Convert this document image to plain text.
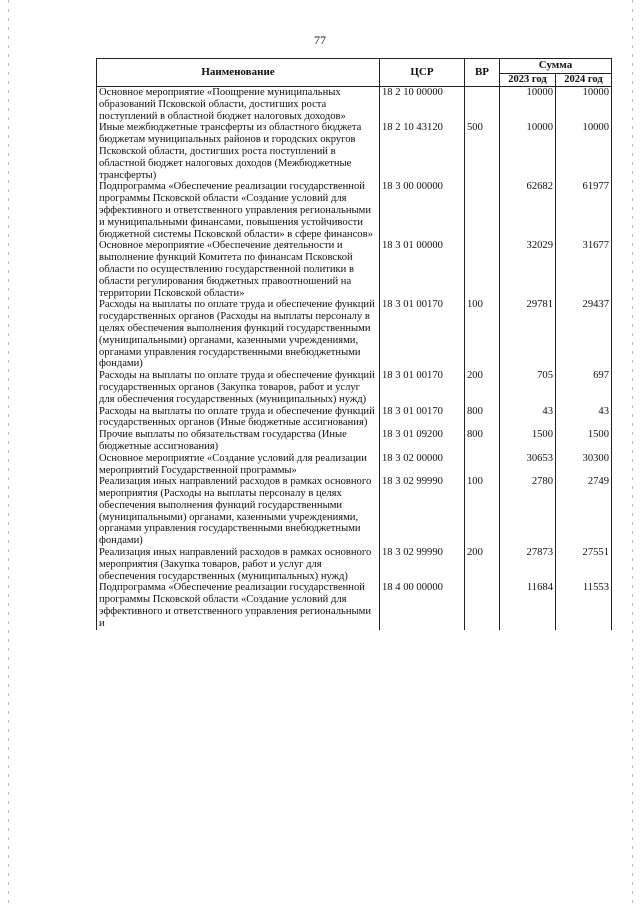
77
Наименование	ЦСР	ВР	Сумма	
			2023 год	2024 год
Основное мероприятие «Поощрение муниципальных образований Псковской области, достигших роста поступлений в областной бюджет налоговых доходов»	18 2 10 00000		10000	10000
Иные межбюджетные трансферты из областного бюджета бюджетам муниципальных районов и городских округов Псковской области, достигших роста поступлений в областной бюджет налоговых доходов (Межбюджетные трансферты)	18 2 10 43120	500	10000	10000
Подпрограмма «Обеспечение реализации государственной программы Псковской области «Создание условий для эффективного и ответственного управления региональными и муниципальными финансами, повышения устойчивости бюджетной системы Псковской области» в сфере финансов»	18 3 00 00000		62682	61977
Основное мероприятие «Обеспечение деятельности и выполнение функций Комитета по финансам Псковской области по осуществлению государственной политики в области регулирования бюджетных правоотношений на территории Псковской области»	18 3 01 00000		32029	31677
Расходы на выплаты по оплате труда и обеспечение функций государственных органов (Расходы на выплаты персоналу в целях обеспечения выполнения функций государственными (муниципальными) органами, казенными учреждениями, органами управления государственными внебюджетными фондами)	18 3 01 00170	100	29781	29437
Расходы на выплаты по оплате труда и обеспечение функций государственных органов (Закупка товаров, работ и услуг для обеспечения государственных (муниципальных) нужд)	18 3 01 00170	200	705	697
Расходы на выплаты по оплате труда и обеспечение функций государственных органов (Иные бюджетные ассигнования)	18 3 01 00170	800	43	43
Прочие выплаты по обязательствам государства (Иные бюджетные ассигнования)	18 3 01 09200	800	1500	1500
Основное мероприятие «Создание условий для реализации мероприятий Государственной программы»	18 3 02 00000		30653	30300
Реализация иных направлений расходов в рамках основного мероприятия (Расходы на выплаты персоналу в целях обеспечения выполнения функций государственными (муниципальными) органами, казенными учреждениями, органами управления государственными внебюджетными фондами)	18 3 02 99990	100	2780	2749
Реализация иных направлений расходов в рамках основного мероприятия (Закупка товаров, работ и услуг для обеспечения государственных (муниципальных) нужд)	18 3 02 99990	200	27873	27551
Подпрограмма «Обеспечение реализации государственной программы Псковской области «Создание условий для эффективного и ответственного управления региональными и	18 4 00 00000		11684	11553
